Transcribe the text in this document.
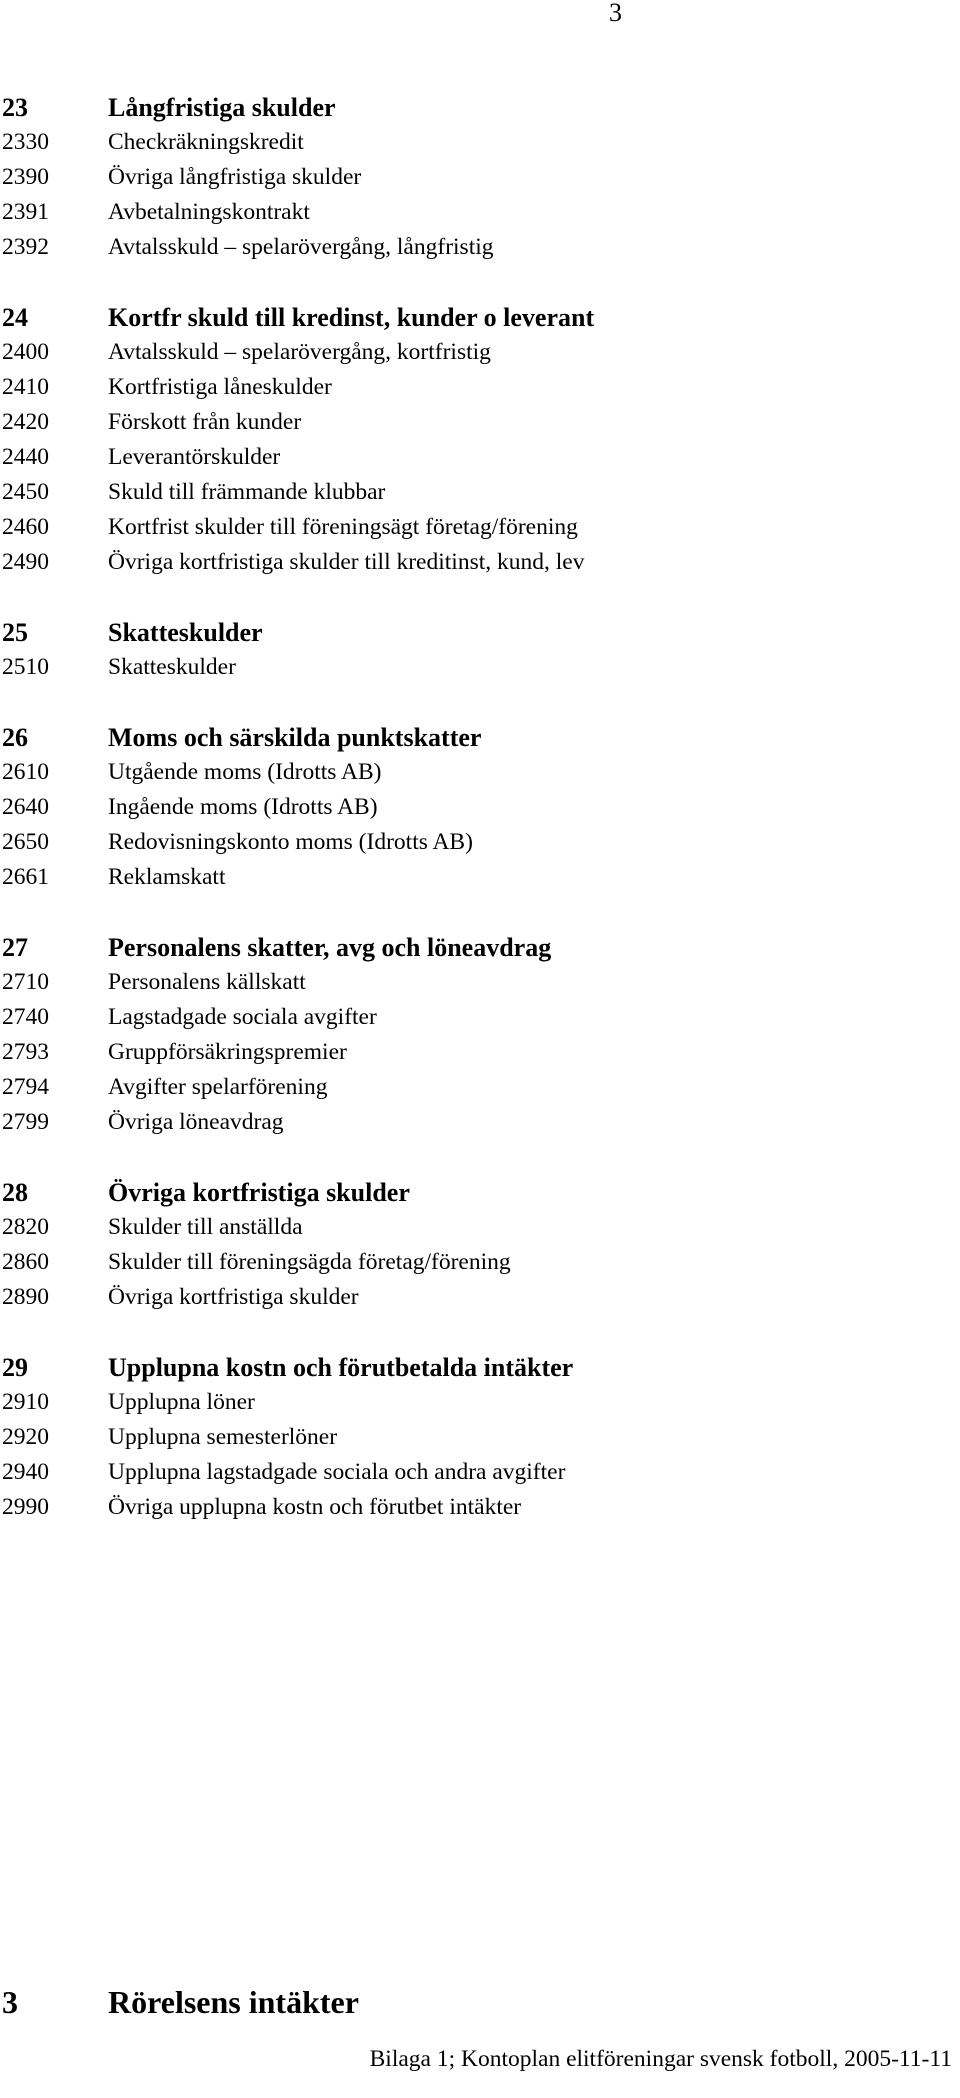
3
23	Långfristiga skulder
2330	Checkräkningskredit
2390	Övriga långfristiga skulder
2391	Avbetalningskontrakt
2392	Avtalsskuld – spelarövergång, långfristig
24	Kortfr skuld till kredinst, kunder o leverant
2400	Avtalsskuld – spelarövergång, kortfristig
2410	Kortfristiga låneskulder
2420	Förskott från kunder
2440	Leverantörskulder
2450	Skuld till främmande klubbar
2460	Kortfrist skulder till föreningsägt företag/förening
2490	Övriga kortfristiga skulder till kreditinst, kund, lev
25	Skatteskulder
2510	Skatteskulder
26	Moms och särskilda punktskatter
2610	Utgående moms (Idrotts AB)
2640	Ingående moms (Idrotts AB)
2650	Redovisningskonto moms (Idrotts AB)
2661	Reklamskatt
27	Personalens skatter, avg och löneavdrag
2710	Personalens källskatt
2740	Lagstadgade sociala avgifter
2793	Gruppförsäkringspremier
2794	Avgifter spelarförening
2799	Övriga löneavdrag
28	Övriga kortfristiga skulder
2820	Skulder till anställda
2860	Skulder till föreningsägda företag/förening
2890	Övriga kortfristiga skulder
29	Upplupna kostn och förutbetalda intäkter
2910	Upplupna löner
2920	Upplupna semesterlöner
2940	Upplupna lagstadgade sociala och andra avgifter
2990	Övriga upplupna kostn och förutbet intäkter
3	Rörelsens intäkter
Bilaga 1; Kontoplan elitföreningar svensk fotboll, 2005-11-11
